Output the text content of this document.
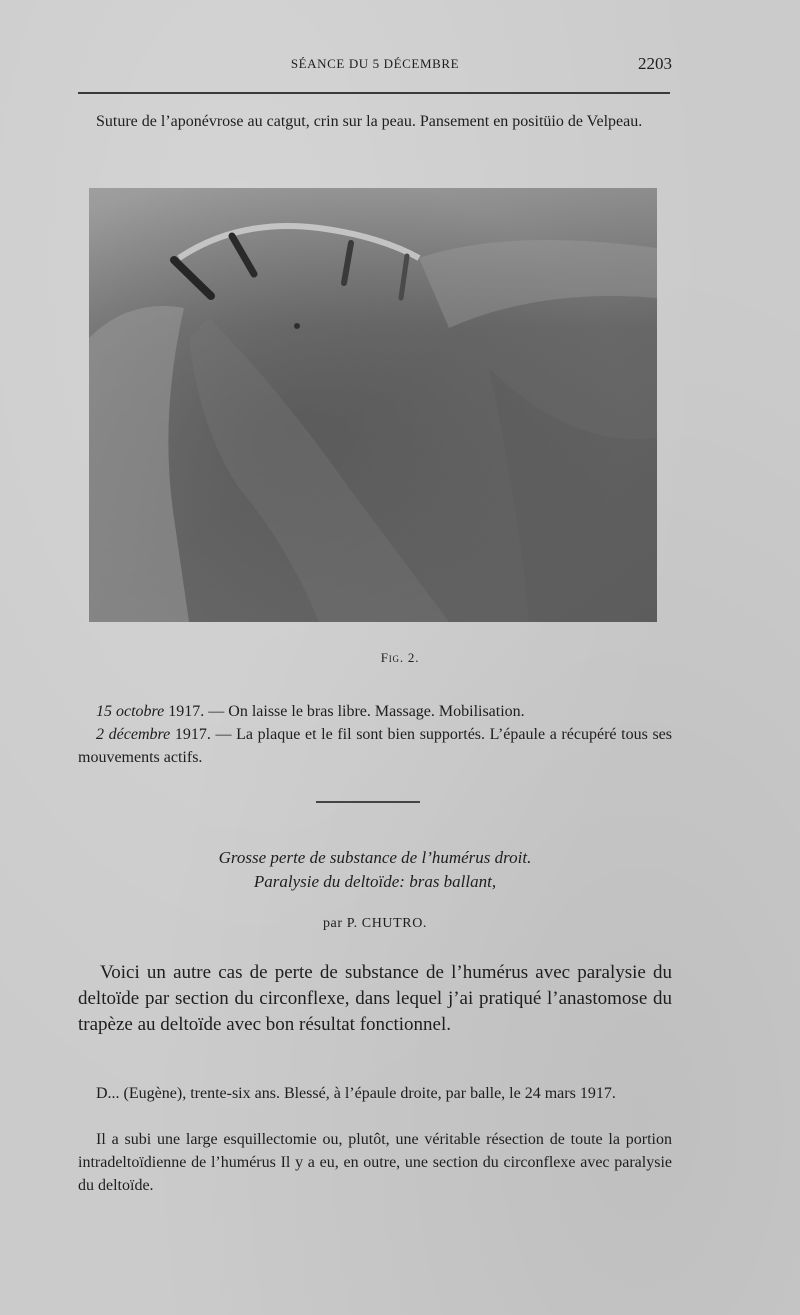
SÉANCE DU 5 DÉCEMBRE	2203

Suture de l’aponévrose au catgut, crin sur la peau. Pansement en positüio de Velpeau.

Fig. 2.

15 octobre 1917. — On laisse le bras libre. Massage. Mobilisation.

2 décembre 1917. — La plaque et le fil sont bien supportés. L’épaule a récupéré tous ses mouvements actifs.

Grosse perte de substance de l’humérus droit.
Paralysie du deltoïde: bras ballant,
par P. CHUTRO.

Voici un autre cas de perte de substance de l’humérus avec paralysie du deltoïde par section du circonflexe, dans lequel j’ai pratiqué l’anastomose du trapèze au deltoïde avec bon résultat fonctionnel.

D... (Eugène), trente-six ans. Blessé, à l’épaule droite, par balle, le 24 mars 1917.

Il a subi une large esquillectomie ou, plutôt, une véritable résection de toute la portion intradeltoïdienne de l’humérus Il y a eu, en outre, une section du circonflexe avec paralysie du deltoïde.
